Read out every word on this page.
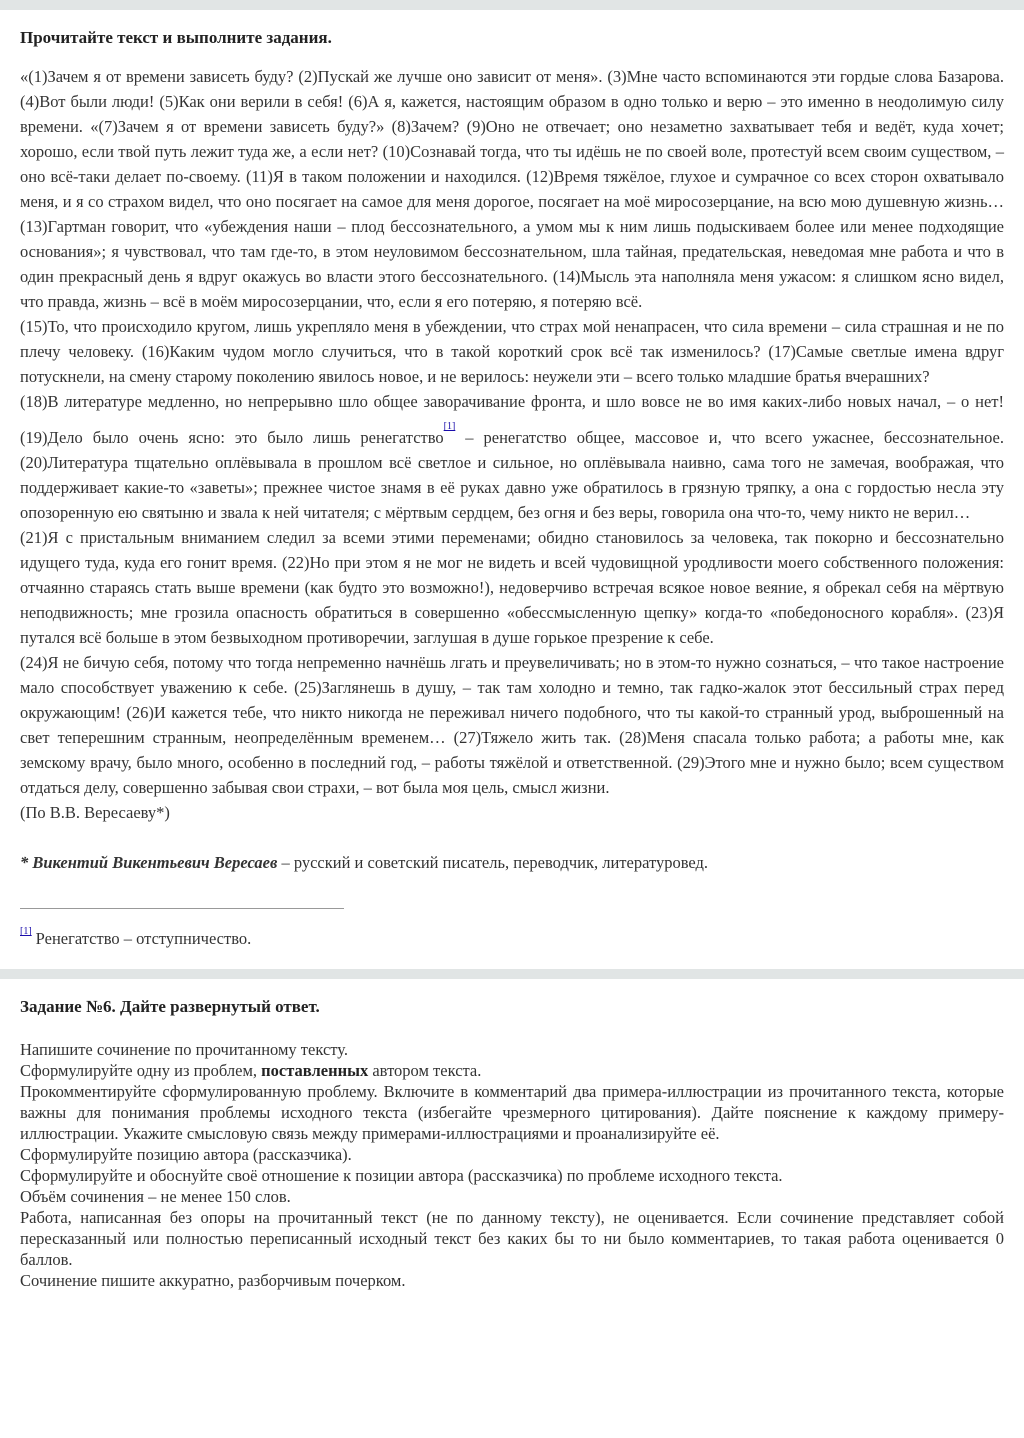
Прочитайте текст и выполните задания.

«(1)Зачем я от времени зависеть буду? (2)Пускай же лучше оно зависит от меня». (3)Мне часто вспоминаются эти гордые слова Базарова. (4)Вот были люди! (5)Как они верили в себя! (6)А я, кажется, настоящим образом в одно только и верю – это именно в неодолимую силу времени. «(7)Зачем я от времени зависеть буду?» (8)Зачем? (9)Оно не отвечает; оно незаметно захватывает тебя и ведёт, куда хочет; хорошо, если твой путь лежит туда же, а если нет? (10)Сознавай тогда, что ты идёшь не по своей воле, протестуй всем своим существом, – оно всё-таки делает по-своему. (11)Я в таком положении и находился. (12)Время тяжёлое, глухое и сумрачное со всех сторон охватывало меня, и я со страхом видел, что оно посягает на самое для меня дорогое, посягает на моё миросозерцание, на всю мою душевную жизнь… (13)Гартман говорит, что «убеждения наши – плод бессознательного, а умом мы к ним лишь подыскиваем более или менее подходящие основания»; я чувствовал, что там где-то, в этом неуловимом бессознательном, шла тайная, предательская, неведомая мне работа и что в один прекрасный день я вдруг окажусь во власти этого бессознательного. (14)Мысль эта наполняла меня ужасом: я слишком ясно видел, что правда, жизнь – всё в моём миросозерцании, что, если я его потеряю, я потеряю всё.

(15)То, что происходило кругом, лишь укрепляло меня в убеждении, что страх мой ненапрасен, что сила времени – сила страшная и не по плечу человеку. (16)Каким чудом могло случиться, что в такой короткий срок всё так изменилось? (17)Самые светлые имена вдруг потускнели, на смену старому поколению явилось новое, и не верилось: неужели эти – всего только младшие братья вчерашних?

(18)В литературе медленно, но непрерывно шло общее заворачивание фронта, и шло вовсе не во имя каких-либо новых начал, – о нет! (19)Дело было очень ясно: это было лишь ренегатство[1] – ренегатство общее, массовое и, что всего ужаснее, бессознательное. (20)Литература тщательно оплёвывала в прошлом всё светлое и сильное, но оплёвывала наивно, сама того не замечая, воображая, что поддерживает какие-то «заветы»; прежнее чистое знамя в её руках давно уже обратилось в грязную тряпку, а она с гордостью несла эту опозоренную ею святыню и звала к ней читателя; с мёртвым сердцем, без огня и без веры, говорила она что-то, чему никто не верил…

(21)Я с пристальным вниманием следил за всеми этими переменами; обидно становилось за человека, так покорно и бессознательно идущего туда, куда его гонит время. (22)Но при этом я не мог не видеть и всей чудовищной уродливости моего собственного положения: отчаянно стараясь стать выше времени (как будто это возможно!), недоверчиво встречая всякое новое веяние, я обрекал себя на мёртвую неподвижность; мне грозила опасность обратиться в совершенно «обессмысленную щепку» когда-то «победоносного корабля». (23)Я путался всё больше в этом безвыходном противоречии, заглушая в душе горькое презрение к себе.

(24)Я не бичую себя, потому что тогда непременно начнёшь лгать и преувеличивать; но в этом-то нужно сознаться, – что такое настроение мало способствует уважению к себе. (25)Заглянешь в душу, – так там холодно и темно, так гадко-жалок этот бессильный страх перед окружающим! (26)И кажется тебе, что никто никогда не переживал ничего подобного, что ты какой-то странный урод, выброшенный на свет теперешним странным, неопределённым временем… (27)Тяжело жить так. (28)Меня спасала только работа; а работы мне, как земскому врачу, было много, особенно в последний год, – работы тяжёлой и ответственной. (29)Этого мне и нужно было; всем существом отдаться делу, совершенно забывая свои страхи, – вот была моя цель, смысл жизни.

(По В.В. Вересаеву*)

* Викентий Викентьевич Вересаев – русский и советский писатель, переводчик, литературовед.
[1] Ренегатство – отступничество.
Задание №6. Дайте развернутый ответ.

Напишите сочинение по прочитанному тексту.

Сформулируйте одну из проблем, поставленных автором текста.

Прокомментируйте сформулированную проблему. Включите в комментарий два примера-иллюстрации из прочитанного текста, которые важны для понимания проблемы исходного текста (избегайте чрезмерного цитирования). Дайте пояснение к каждому примеру-иллюстрации. Укажите смысловую связь между примерами-иллюстрациями и проанализируйте её.

Сформулируйте позицию автора (рассказчика).

Сформулируйте и обоснуйте своё отношение к позиции автора (рассказчика) по проблеме исходного текста.

Объём сочинения – не менее 150 слов.

Работа, написанная без опоры на прочитанный текст (не по данному тексту), не оценивается. Если сочинение представляет собой пересказанный или полностью переписанный исходный текст без каких бы то ни было комментариев, то такая работа оценивается 0 баллов.

Сочинение пишите аккуратно, разборчивым почерком.
